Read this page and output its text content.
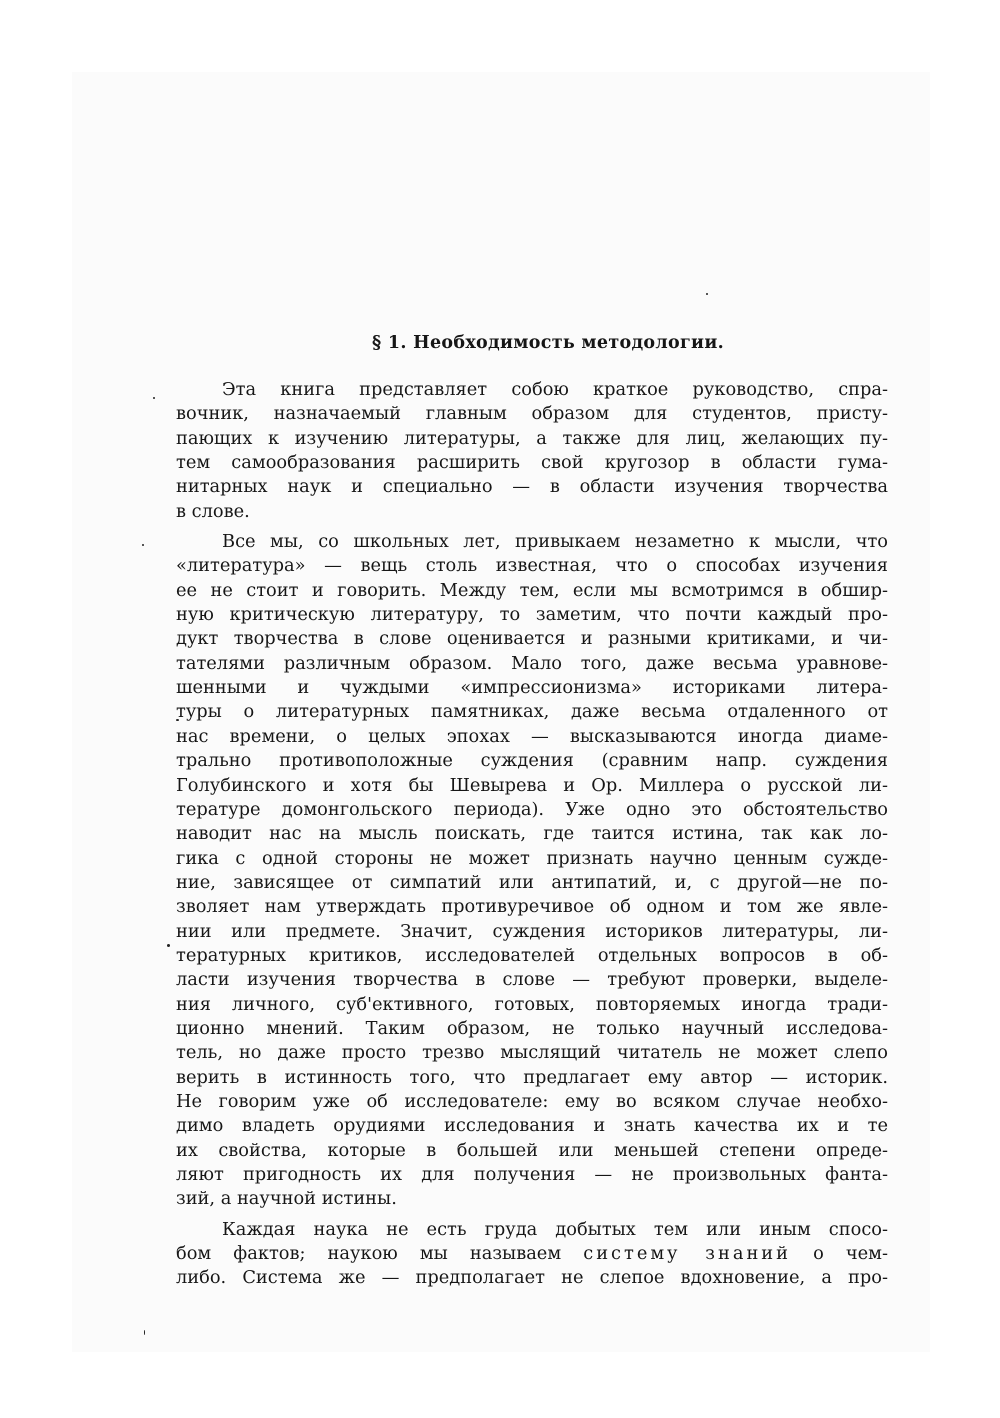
§ 1. Необходимость методологии.

Эта книга представляет собою краткое руководство, спра-
вочник, назначаемый главным образом для студентов, присту-
пающих к изучению литературы, а также для лиц, желающих пу-
тем самообразования расширить свой кругозор в области гума-
нитарных наук и специально — в области изучения творчества
в слове.

Все мы, со школьных лет, привыкаем незаметно к мысли, что
«литература» — вещь столь известная, что о способах изучения
ее не стоит и говорить. Между тем, если мы всмотримся в обшир-
ную критическую литературу, то заметим, что почти каждый про-
дукт творчества в слове оценивается и разными критиками, и чи-
тателями различным образом. Мало того, даже весьма уравнове-
шенными и чуждыми «импрессионизма» историками литера-
туры о литературных памятниках, даже весьма отдаленного от
нас времени, о целых эпохах — высказываются иногда диаме-
трально противоположные суждения (сравним напр. суждения
Голубинского и хотя бы Шевырева и Ор. Миллера о русской ли-
тературе домонгольского периода). Уже одно это обстоятельство
наводит нас на мысль поискать, где таится истина, так как ло-
гика с одной стороны не может признать научно ценным сужде-
ние, зависящее от симпатий или антипатий, и, с другой—не по-
зволяет нам утверждать противуречивое об одном и том же явле-
нии или предмете. Значит, суждения историков литературы, ли-
тературных критиков, исследователей отдельных вопросов в об-
ласти изучения творчества в слове — требуют проверки, выделе-
ния личного, суб'ективного, готовых, повторяемых иногда тради-
ционно мнений. Таким образом, не только научный исследова-
тель, но даже просто трезво мыслящий читатель не может слепо
верить в истинность того, что предлагает ему автор — историк.
Не говорим уже об исследователе: ему во всяком случае необхо-
димо владеть орудиями исследования и знать качества их и те
их свойства, которые в большей или меньшей степени опреде-
ляют пригодность их для получения — не произвольных фанта-
зий, а научной истины.

Каждая наука не есть груда добытых тем или иным спосо-
бом фактов; наукою мы называем системy знаний о чем-
либо. Система же — предполагает не слепое вдохновение, а про-
